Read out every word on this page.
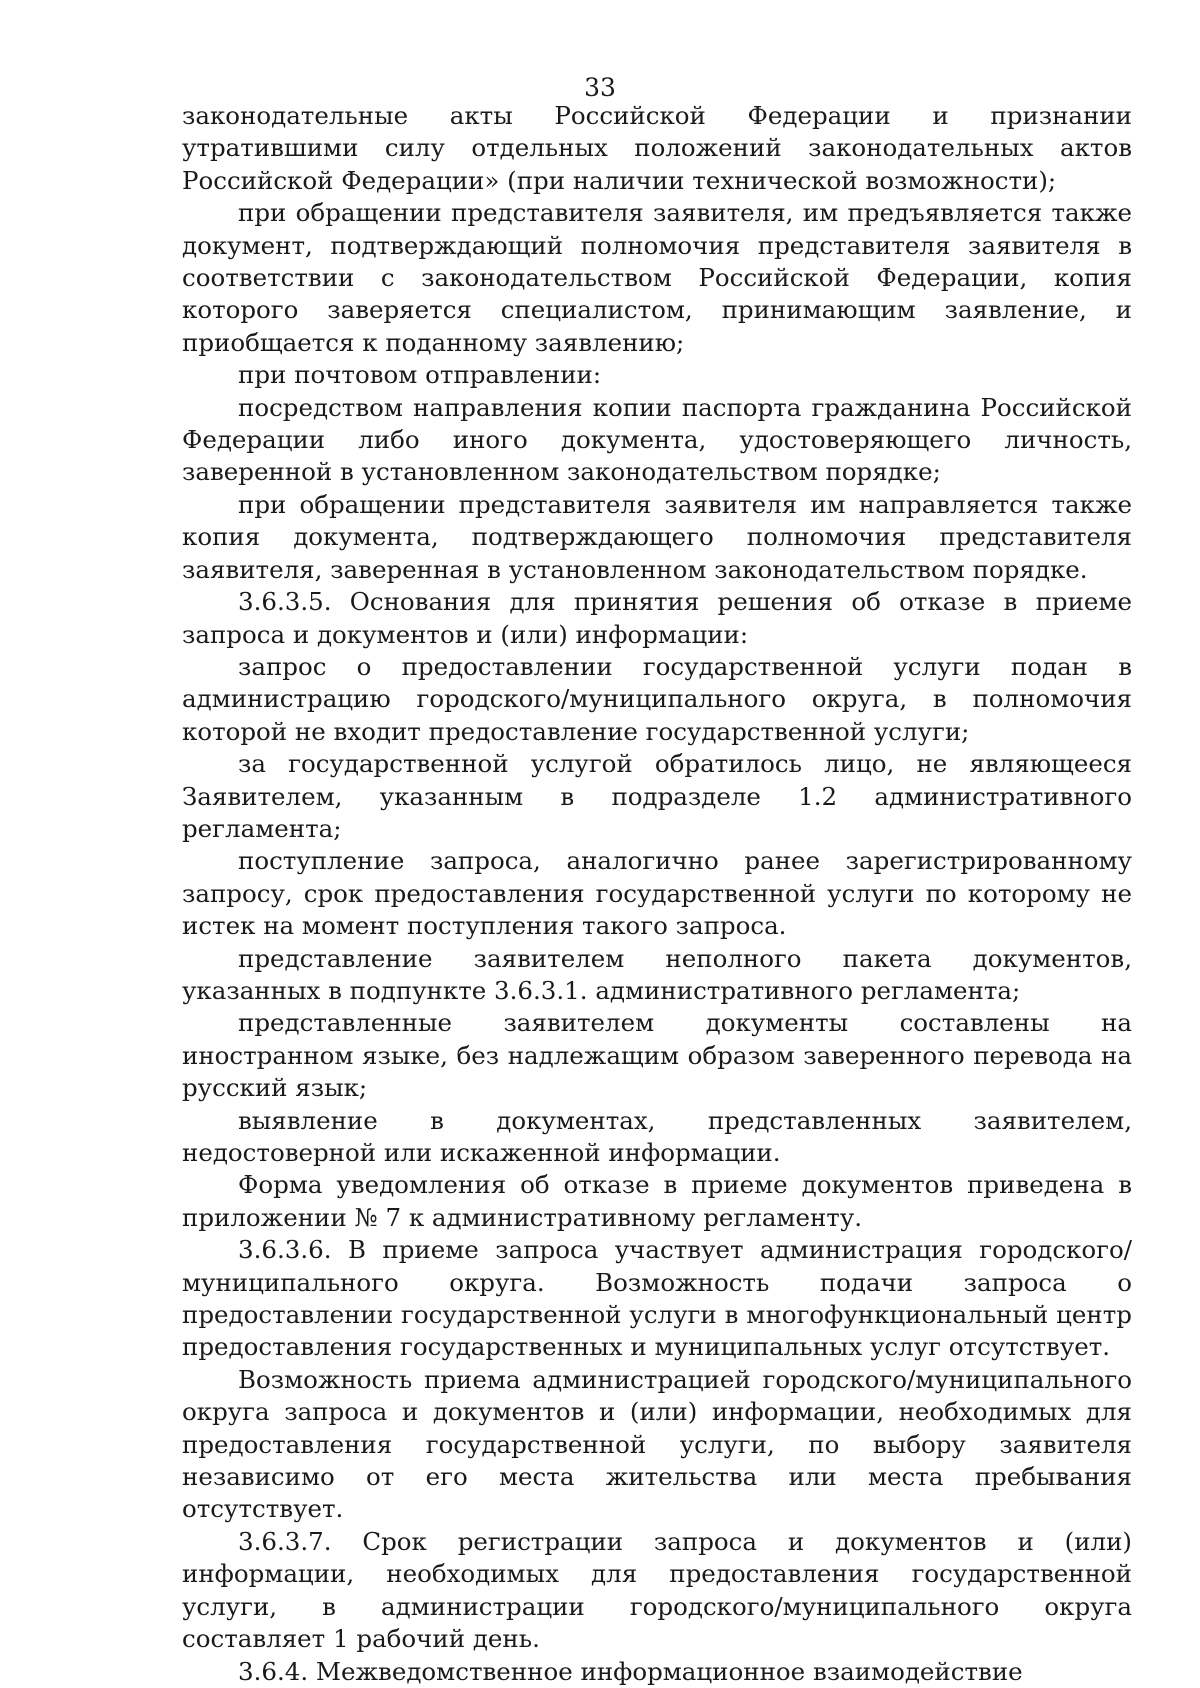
33

законодательные акты Российской Федерации и признании утратившими силу отдельных положений законодательных актов Российской Федерации» (при наличии технической возможности);

при обращении представителя заявителя, им предъявляется также документ, подтверждающий полномочия представителя заявителя в соответствии с законодательством Российской Федерации, копия которого заверяется специалистом, принимающим заявление, и приобщается к поданному заявлению;

при почтовом отправлении:

посредством направления копии паспорта гражданина Российской Федерации либо иного документа, удостоверяющего личность, заверенной в установленном законодательством порядке;

при обращении представителя заявителя им направляется также копия документа, подтверждающего полномочия представителя заявителя, заверенная в установленном законодательством порядке.

3.6.3.5. Основания для принятия решения об отказе в приеме запроса и документов и (или) информации:

запрос о предоставлении государственной услуги подан в администрацию городского/муниципального округа, в полномочия которой не входит предоставление государственной услуги;

за государственной услугой обратилось лицо, не являющееся Заявителем, указанным в подразделе 1.2 административного регламента;

поступление запроса, аналогично ранее зарегистрированному запросу, срок предоставления государственной услуги по которому не истек на момент поступления такого запроса.

представление заявителем неполного пакета документов, указанных в подпункте 3.6.3.1. административного регламента;

представленные заявителем документы составлены на иностранном языке, без надлежащим образом заверенного перевода на русский язык;

выявление в документах, представленных заявителем, недостоверной или искаженной информации.

Форма уведомления об отказе в приеме документов приведена в приложении № 7 к административному регламенту.

3.6.3.6. В приеме запроса участвует администрация городского/муниципального округа. Возможность подачи запроса о предоставлении государственной услуги в многофункциональный центр предоставления государственных и муниципальных услуг отсутствует.

Возможность приема администрацией городского/муниципального округа запроса и документов и (или) информации, необходимых для предоставления государственной услуги, по выбору заявителя независимо от его места жительства или места пребывания отсутствует.

3.6.3.7. Срок регистрации запроса и документов и (или) информации, необходимых для предоставления государственной услуги, в администрации городского/муниципального округа составляет 1 рабочий день.

3.6.4. Межведомственное информационное взаимодействие
